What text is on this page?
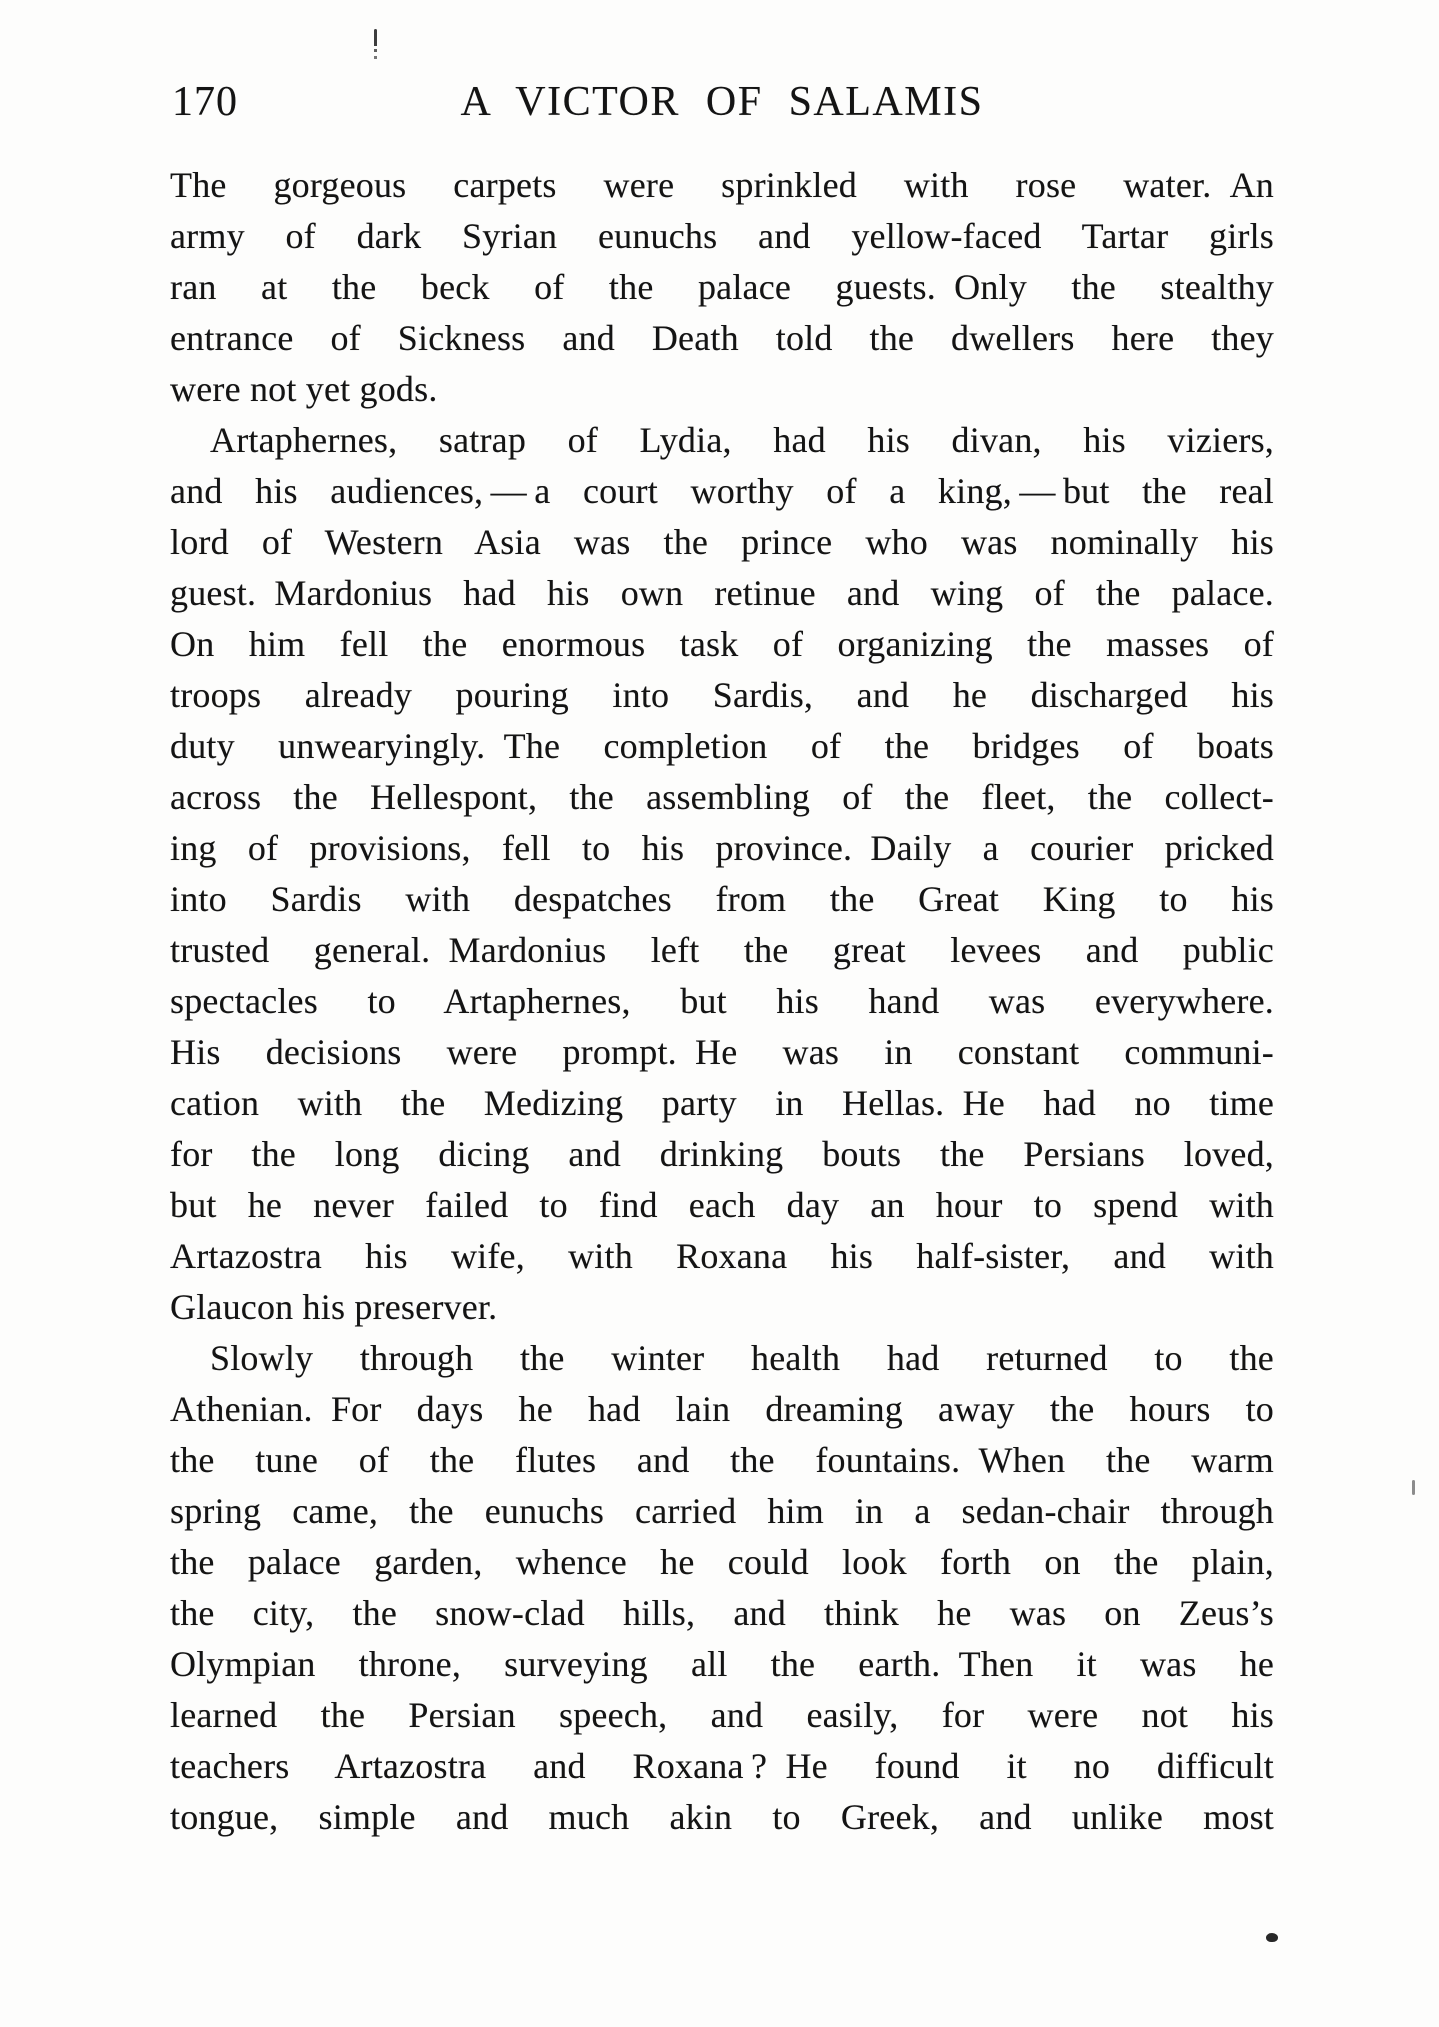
170	A VICTOR OF SALAMIS
The gorgeous carpets were sprinkled with rose water. An
army of dark Syrian eunuchs and yellow-faced Tartar girls
ran at the beck of the palace guests. Only the stealthy
entrance of Sickness and Death told the dwellers here they
were not yet gods.
Artaphernes, satrap of Lydia, had his divan, his viziers,
and his audiences, — a court worthy of a king, — but the real
lord of Western Asia was the prince who was nominally his
guest. Mardonius had his own retinue and wing of the palace.
On him fell the enormous task of organizing the masses of
troops already pouring into Sardis, and he discharged his
duty unwearyingly. The completion of the bridges of boats
across the Hellespont, the assembling of the fleet, the collect-
ing of provisions, fell to his province. Daily a courier pricked
into Sardis with despatches from the Great King to his
trusted general. Mardonius left the great levees and public
spectacles to Artaphernes, but his hand was everywhere.
His decisions were prompt. He was in constant communi-
cation with the Medizing party in Hellas. He had no time
for the long dicing and drinking bouts the Persians loved,
but he never failed to find each day an hour to spend with
Artazostra his wife, with Roxana his half-sister, and with
Glaucon his preserver.
Slowly through the winter health had returned to the
Athenian. For days he had lain dreaming away the hours to
the tune of the flutes and the fountains. When the warm
spring came, the eunuchs carried him in a sedan-chair through
the palace garden, whence he could look forth on the plain,
the city, the snow-clad hills, and think he was on Zeus’s
Olympian throne, surveying all the earth. Then it was he
learned the Persian speech, and easily, for were not his
teachers Artazostra and Roxana ? He found it no difficult
tongue, simple and much akin to Greek, and unlike most
